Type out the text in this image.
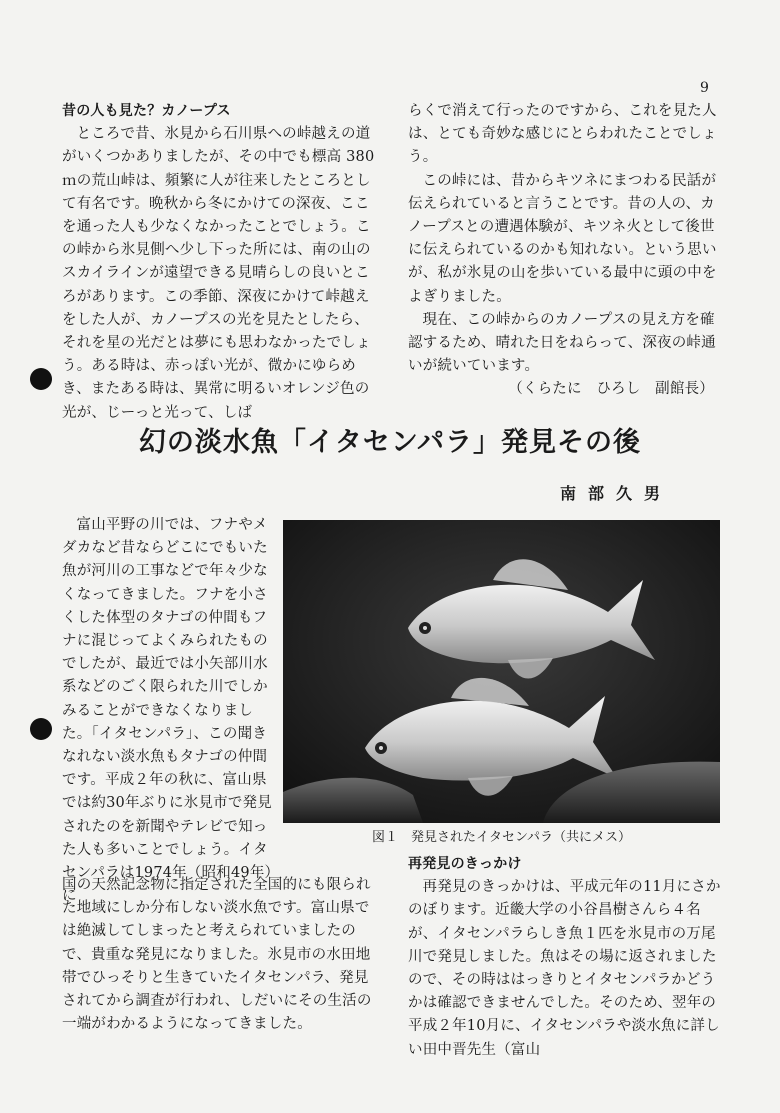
9

昔の人も見た？カノープス

ところで昔、氷見から石川県への峠越えの道がいくつかありましたが、その中でも標高 380ｍの荒山峠は、頻繁に人が往来したところとして有名です。晩秋から冬にかけての深夜、ここを通った人も少なくなかったことでしょう。この峠から氷見側へ少し下った所には、南の山のスカイラインが遠望できる見晴らしの良いところがあります。この季節、深夜にかけて峠越えをした人が、カノープスの光を見たとしたら、それを星の光だとは夢にも思わなかったでしょう。ある時は、赤っぽい光が、微かにゆらめき、またある時は、異常に明るいオレンジ色の光が、じーっと光って、しば

らくで消えて行ったのですから、これを見た人は、とても奇妙な感じにとらわれたことでしょう。

この峠には、昔からキツネにまつわる民話が伝えられていると言うことです。昔の人の、カノープスとの遭遇体験が、キツネ火として後世に伝えられているのかも知れない。という思いが、私が氷見の山を歩いている最中に頭の中をよぎりました。

現在、この峠からのカノープスの見え方を確認するため、晴れた日をねらって、深夜の峠通いが続いています。

（くらたに　ひろし　副館長）

幻の淡水魚「イタセンパラ」発見その後
南部久男

富山平野の川では、フナやメダカなど昔ならどこにでもいた魚が河川の工事などで年々少なくなってきました。フナを小さくした体型のタナゴの仲間もフナに混じってよくみられたものでしたが、最近では小矢部川水系などのごく限られた川でしかみることができなくなりました。「イタセンパラ」、この聞きなれない淡水魚もタナゴの仲間です。平成２年の秋に、富山県では約30年ぶりに氷見市で発見されたのを新聞やテレビで知った人も多いことでしょう。イタセンパラは1974年（昭和49年）に

図１　発見されたイタセンパラ（共にメス）

国の天然記念物に指定された全国的にも限られた地域にしか分布しない淡水魚です。富山県では絶滅してしまったと考えられていましたので、貴重な発見になりました。氷見市の水田地帯でひっそりと生きていたイタセンパラ、発見されてから調査が行われ、しだいにその生活の一端がわかるようになってきました。

再発見のきっかけ

再発見のきっかけは、平成元年の11月にさかのぼります。近畿大学の小谷昌樹さんら４名が、イタセンパラらしき魚１匹を氷見市の万尾川で発見しました。魚はその場に返されましたので、その時ははっきりとイタセンパラかどうかは確認できませんでした。そのため、翌年の平成２年10月に、イタセンパラや淡水魚に詳しい田中晋先生（富山
